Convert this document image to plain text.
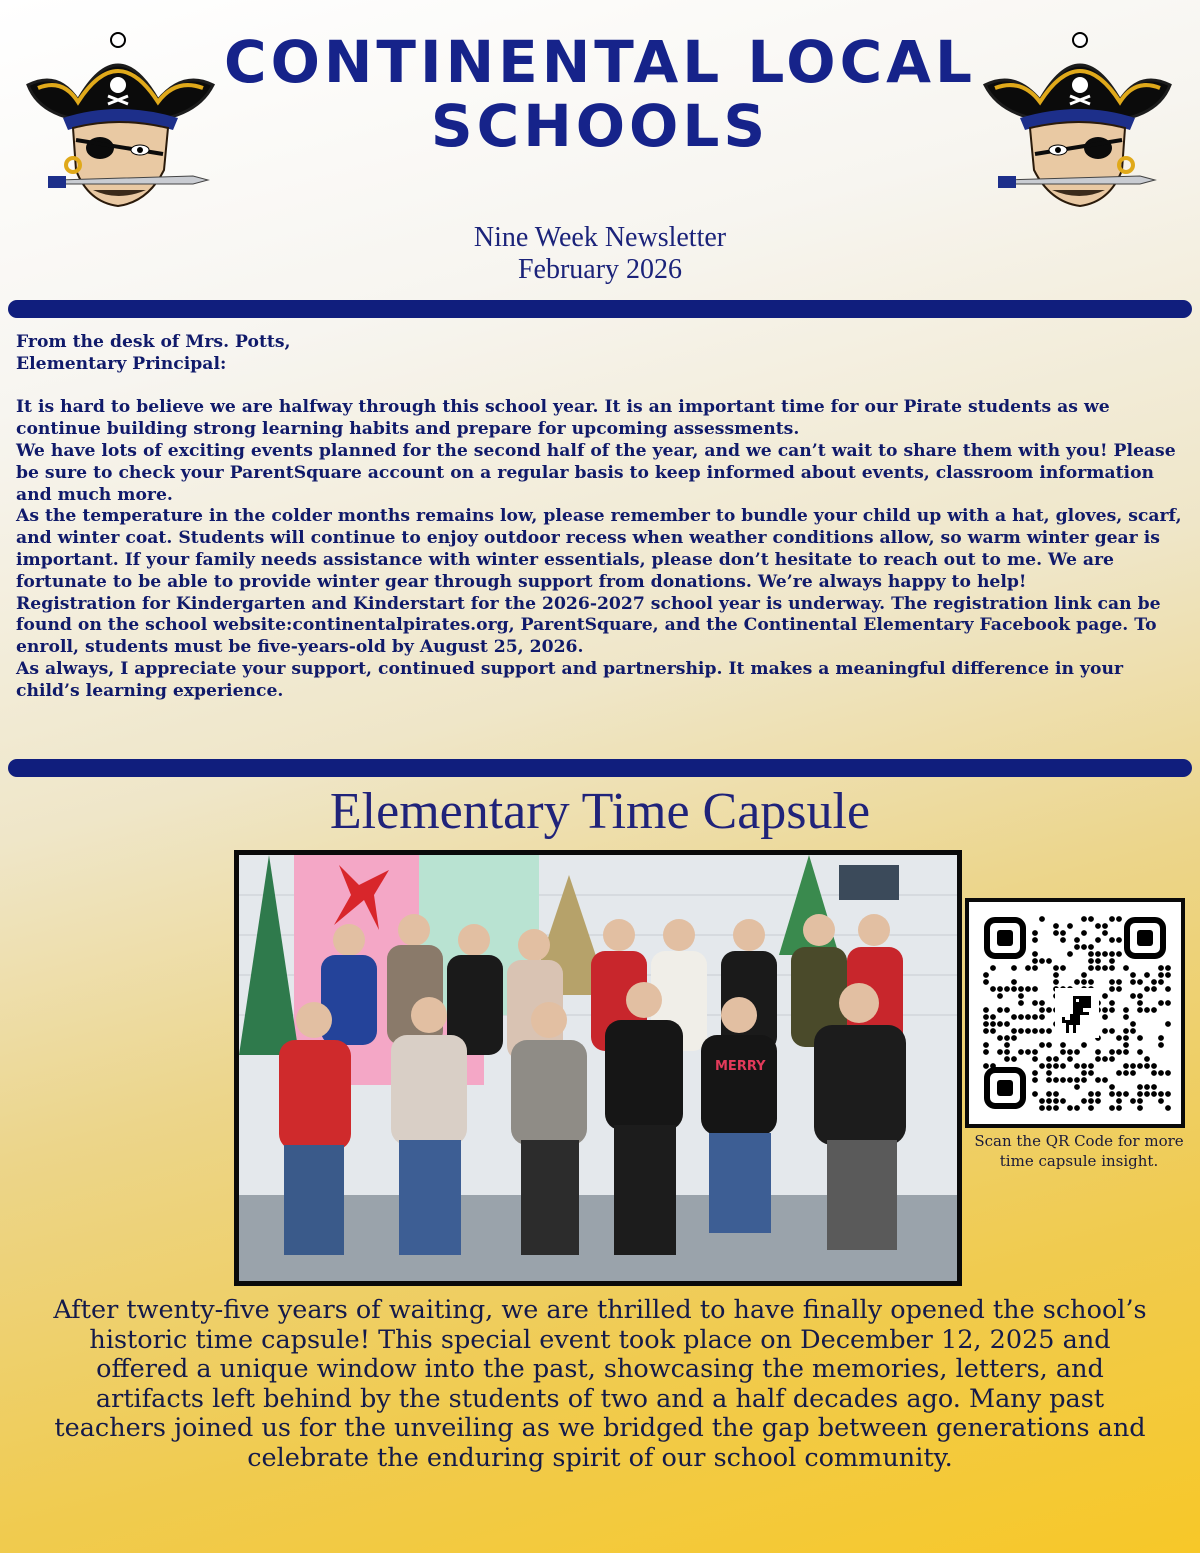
CONTINENTAL LOCAL
SCHOOLS
Nine Week Newsletter
February 2026
From the desk of Mrs. Potts,
Elementary Principal:
It is hard to believe we are halfway through this school year. It is an important time for our Pirate students as we continue building strong learning habits and prepare for upcoming assessments.
We have lots of exciting events planned for the second half of the year, and we can’t wait to share them with you! Please be sure to check your ParentSquare account on a regular basis to keep informed about events, classroom information and much more.
As the temperature in the colder months remains low, please remember to bundle your child up with a hat, gloves, scarf, and winter coat. Students will continue to enjoy outdoor recess when weather conditions allow, so warm winter gear is important. If your family needs assistance with winter essentials, please don’t hesitate to reach out to me. We are fortunate to be able to provide winter gear through support from donations. We’re always happy to help!
Registration for Kindergarten and Kinderstart for the 2026-2027 school year is underway. The registration link can be found on the school website:continentalpirates.org, ParentSquare, and the Continental Elementary Facebook page. To enroll, students must be five-years-old by August 25, 2026.
As always, I appreciate your support, continued support and partnership. It makes a meaningful difference in your child’s learning experience.
Elementary Time Capsule
MERRY
Scan the QR Code for more time capsule insight.
After twenty-five years of waiting, we are thrilled to have finally opened the school’s historic time capsule! This special event took place on December 12, 2025 and offered a unique window into the past, showcasing the memories, letters, and artifacts left behind by the students of two and a half decades ago. Many past teachers joined us for the unveiling as we bridged the gap between generations and celebrate the enduring spirit of our school community.
